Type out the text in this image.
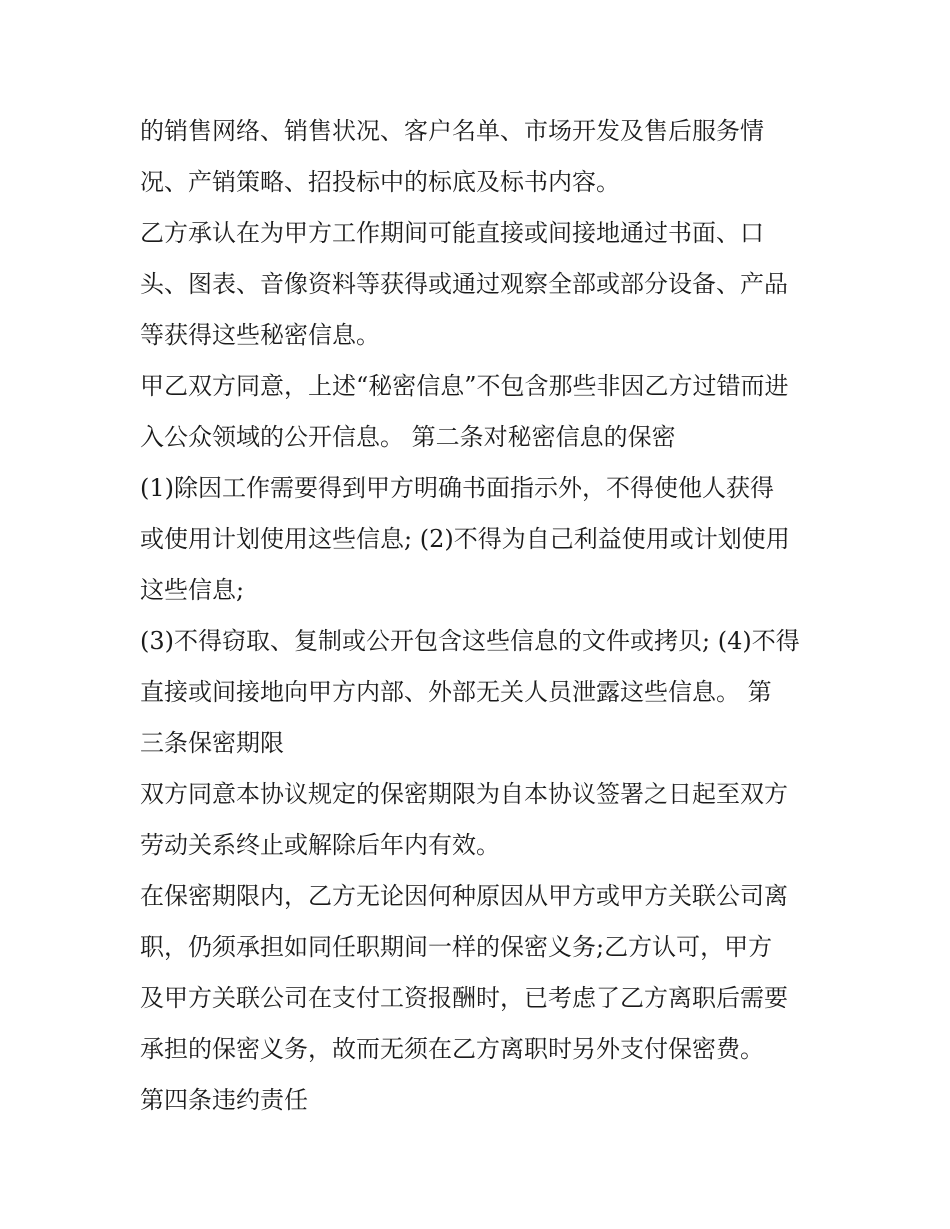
的销售网络、销售状况、客户名单、市场开发及售后服务情
况、产销策略、招投标中的标底及标书内容。
乙方承认在为甲方工作期间可能直接或间接地通过书面、口
头、图表、音像资料等获得或通过观察全部或部分设备、产品
等获得这些秘密信息。
甲乙双方同意，上述“秘密信息”不包含那些非因乙方过错而进
入公众领域的公开信息。 第二条对秘密信息的保密
(1)除因工作需要得到甲方明确书面指示外，不得使他人获得
或使用计划使用这些信息; (2)不得为自己利益使用或计划使用
这些信息;
(3)不得窃取、复制或公开包含这些信息的文件或拷贝; (4)不得
直接或间接地向甲方内部、外部无关人员泄露这些信息。 第
三条保密期限
双方同意本协议规定的保密期限为自本协议签署之日起至双方
劳动关系终止或解除后年内有效。
在保密期限内，乙方无论因何种原因从甲方或甲方关联公司离
职，仍须承担如同任职期间一样的保密义务;乙方认可，甲方
及甲方关联公司在支付工资报酬时，已考虑了乙方离职后需要
承担的保密义务，故而无须在乙方离职时另外支付保密费。
第四条违约责任
